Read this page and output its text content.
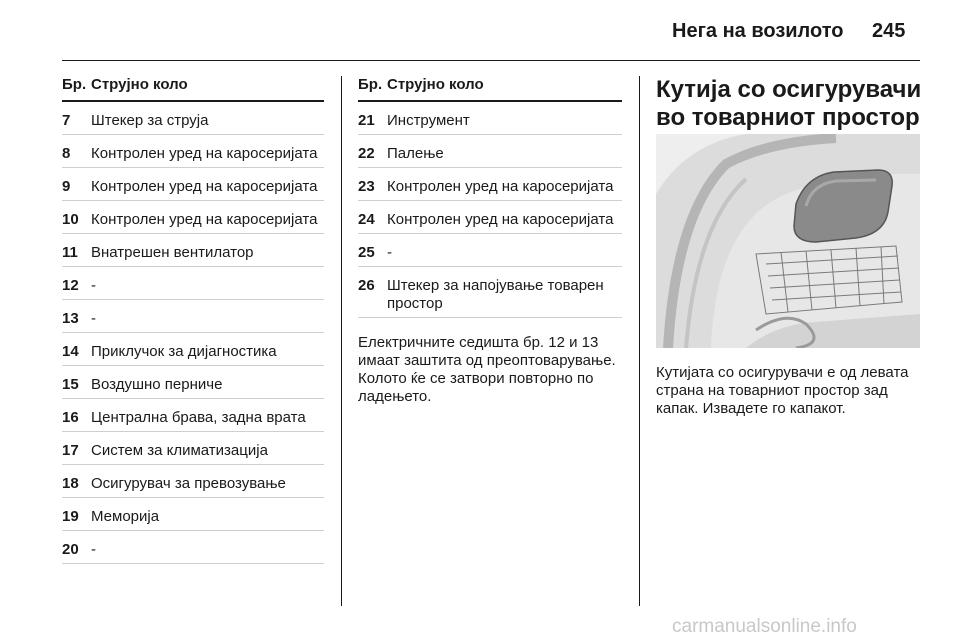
Нега на возилото 245
Бр. Струјно коло
7	Штекер за струја
8	Контролен уред на каросеријата
9	Контролен уред на каросеријата
10 Контролен уред на каросеријата
11 Внатрешен вентилатор
12 -
13 -
14 Приклучок за дијагностика
15 Воздушно перниче
16 Централна брава, задна врата
17 Систем за климатизација
18 Осигурувач за превозување
19 Меморија
20 -
Бр. Струјно коло
21 Инструмент
22 Палење
23 Контролен уред на каросеријата
24 Контролен уред на каросеријата
25 -
26 Штекер за напојување товарен простор
Електричните седишта бр. 12 и 13 имаат заштита од преоптоварување. Колото ќе се затвори повторно по ладењето.
Кутија со осигурувачи во товарниот простор
Кутијата со осигурувачи е од левата страна на товарниот простор зад капак. Извадете го капакот.
carmanualsonline.info
